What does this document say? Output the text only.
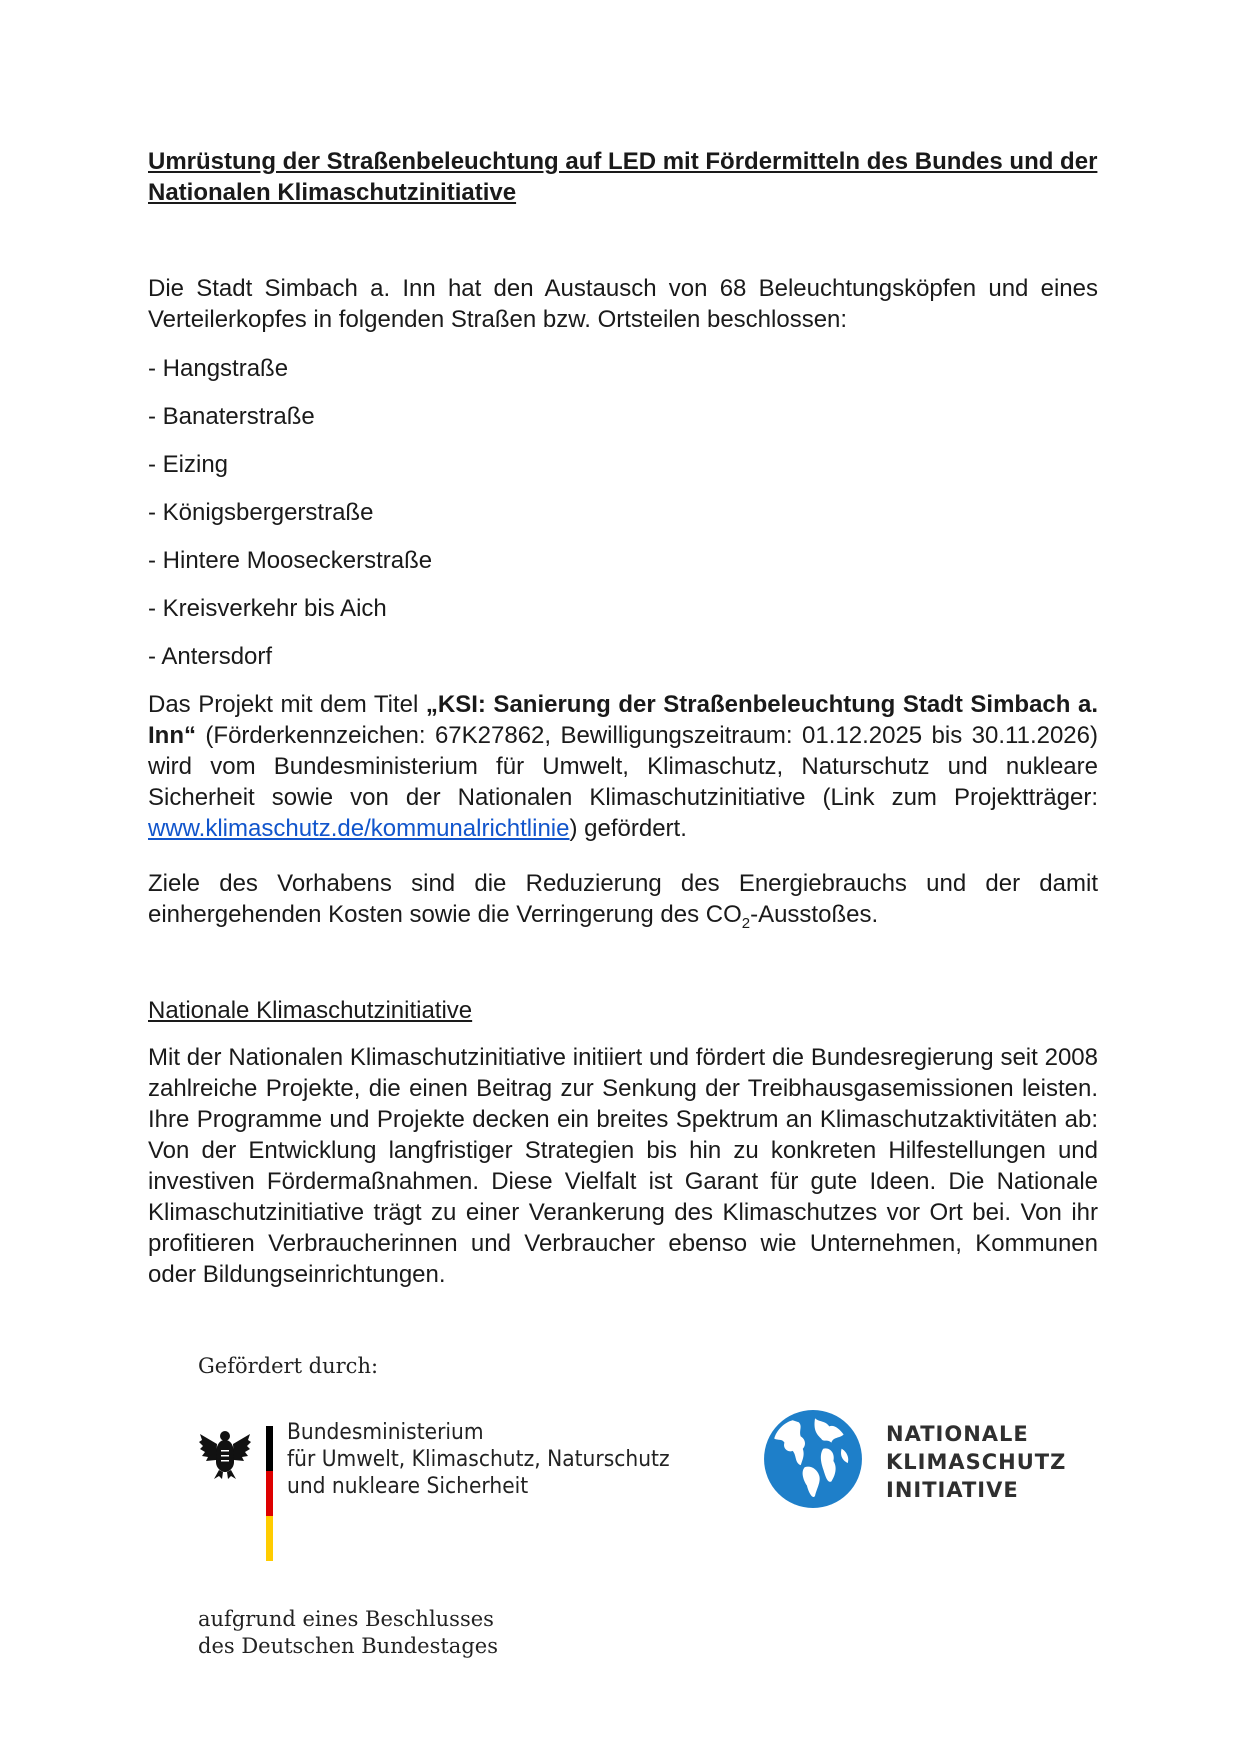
Umrüstung der Straßenbeleuchtung auf LED mit Fördermitteln des Bundes und der Nationalen Klimaschutzinitiative

Die Stadt Simbach a. Inn hat den Austausch von 68 Beleuchtungsköpfen und eines Verteilerkopfes in folgenden Straßen bzw. Ortsteilen beschlossen:

- Hangstraße
- Banaterstraße
- Eizing
- Königsbergerstraße
- Hintere Mooseckerstraße
- Kreisverkehr bis Aich
- Antersdorf

Das Projekt mit dem Titel „KSI: Sanierung der Straßenbeleuchtung Stadt Simbach a. Inn“ (Förderkennzeichen: 67K27862, Bewilligungszeitraum: 01.12.2025 bis 30.11.2026) wird vom Bundesministerium für Umwelt, Klimaschutz, Naturschutz und nukleare Sicherheit sowie von der Nationalen Klimaschutzinitiative (Link zum Projektträger: www.klimaschutz.de/kommunalrichtlinie) gefördert.

Ziele des Vorhabens sind die Reduzierung des Energiebrauchs und der damit einhergehenden Kosten sowie die Verringerung des $CO_2$-Ausstoßes.

Nationale Klimaschutzinitiative

Mit der Nationalen Klimaschutzinitiative initiiert und fördert die Bundesregierung seit 2008 zahlreiche Projekte, die einen Beitrag zur Senkung der Treibhausgasemissionen leisten. Ihre Programme und Projekte decken ein breites Spektrum an Klimaschutzaktivitäten ab: Von der Entwicklung langfristiger Strategien bis hin zu konkreten Hilfestellungen und investiven Fördermaßnahmen. Diese Vielfalt ist Garant für gute Ideen. Die Nationale Klimaschutzinitiative trägt zu einer Verankerung des Klimaschutzes vor Ort bei. Von ihr profitieren Verbraucherinnen und Verbraucher ebenso wie Unternehmen, Kommunen oder Bildungseinrichtungen.

Gefördert durch:

Bundesministerium
für Umwelt, Klimaschutz, Naturschutz
und nukleare Sicherheit

NATIONALE
KLIMASCHUTZ
INITIATIVE

aufgrund eines Beschlusses
des Deutschen Bundestages
